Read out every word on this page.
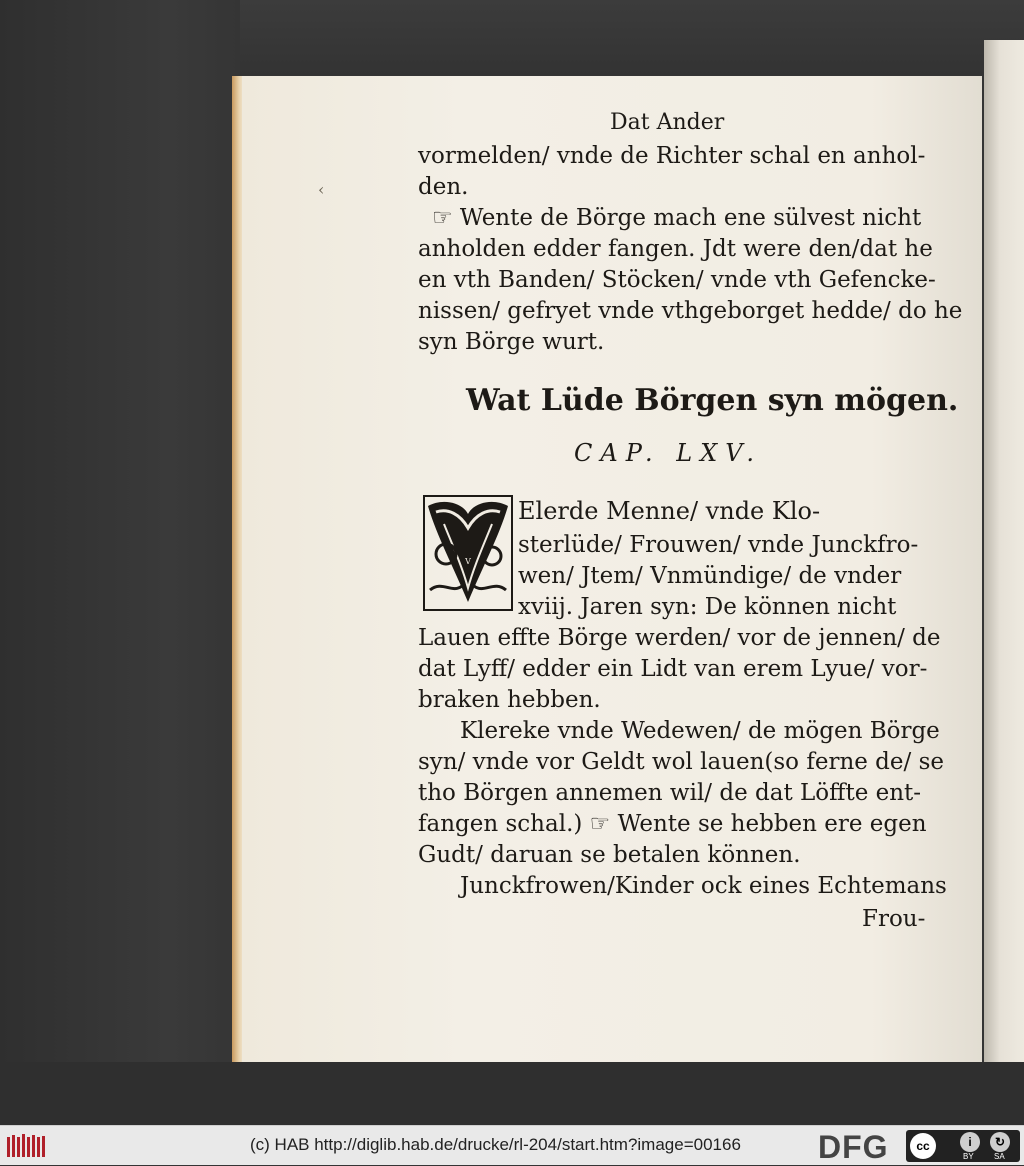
‹
Dat Ander
vormelden/ vnde de Richter schal en anhol-
den.
☞ Wente de Börge mach ene sülvest nicht
anholden edder fangen. Jdt were den/dat he
en vth Banden/ Stöcken/ vnde vth Gefencke-
nissen/ gefryet vnde vthgeborget hedde/ do he
syn Börge wurt.
Wat Lüde Börgen syn mögen.
CAP. LXV.
Elerde Menne/ vnde Klo-
sterlüde/ Frouwen/ vnde Junckfro-
wen/ Jtem/ Vnmündige/ de vnder
xviij. Jaren syn: De können nicht
Lauen effte Börge werden/ vor de jennen/ de
dat Lyff/ edder ein Lidt van erem Lyue/ vor-
braken hebben.
Klereke vnde Wedewen/ de mögen Börge
syn/ vnde vor Geldt wol lauen(so ferne de/ se
tho Börgen annemen wil/ de dat Löffte ent-
fangen schal.) ☞ Wente se hebben ere egen
Gudt/ daruan se betalen können.
Junckfrowen/Kinder ock eines Echtemans
Frou-
V
(c) HAB http://diglib.hab.de/drucke/rl-204/start.htm?image=00166 DFG	cc	i	↻
BY	SA
